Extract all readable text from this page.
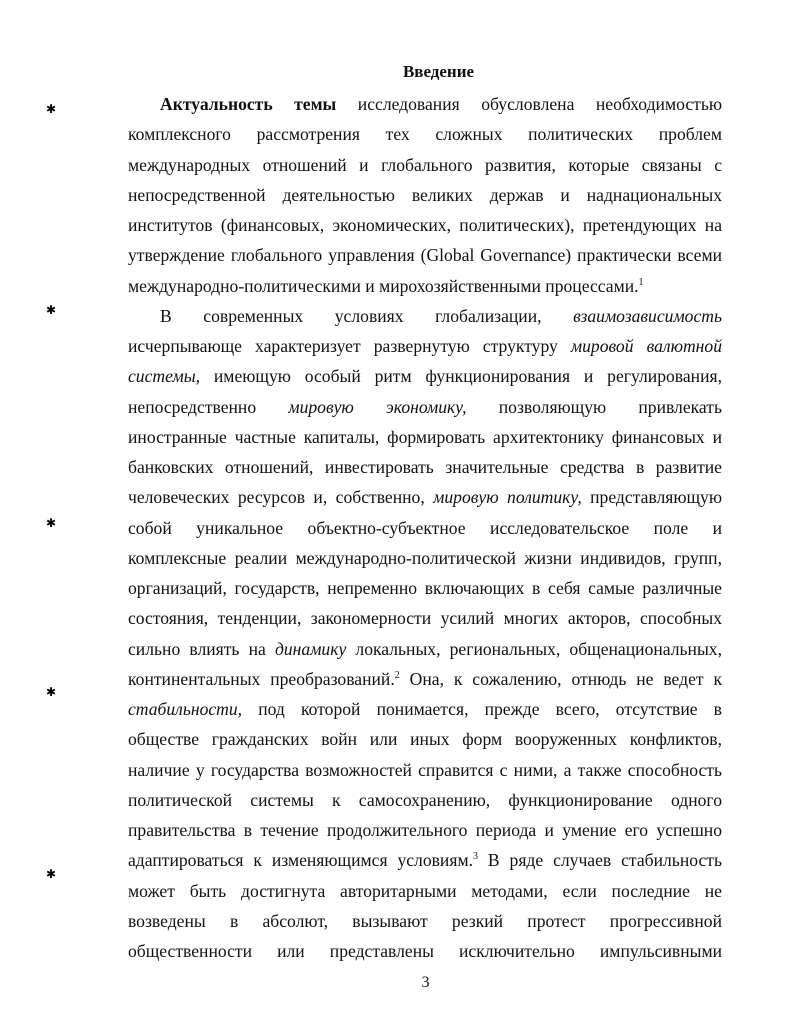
Введение
Актуальность темы исследования обусловлена необходимостью
комплексного рассмотрения тех сложных политических проблем
международных отношений и глобального развития, которые связаны с
непосредственной деятельностью великих держав и наднациональных
институтов (финансовых, экономических, политических), претендующих на
утверждение глобального управления (Global Governance) практически всеми
международно-политическими и мирохозяйственными процессами.$^1$
В современных условиях глобализации, взаимозависимость
исчерпывающе характеризует развернутую структуру мировой валютной
системы, имеющую особый ритм функционирования и регулирования,
непосредственно мировую экономику, позволяющую привлекать
иностранные частные капиталы, формировать архитектонику финансовых и
банковских отношений, инвестировать значительные средства в развитие
человеческих ресурсов и, собственно, мировую политику, представляющую
собой уникальное объектно-субъектное исследовательское поле и
комплексные реалии международно-политической жизни индивидов, групп,
организаций, государств, непременно включающих в себя самые различные
состояния, тенденции, закономерности усилий многих акторов, способных
сильно влиять на динамику локальных, региональных, общенациональных,
континентальных преобразований.$^2$ Она, к сожалению, отнюдь не ведет к
стабильности, под которой понимается, прежде всего, отсутствие в
обществе гражданских войн или иных форм вооруженных конфликтов,
наличие у государства возможностей справится с ними, а также способность
политической системы к самосохранению, функционирование одного
правительства в течение продолжительного периода и умение его успешно
адаптироваться к изменяющимся условиям.$^3$ В ряде случаев стабильность
может быть достигнута авторитарными методами, если последние не
возведены в абсолют, вызывают резкий протест прогрессивной
общественности или представлены исключительно импульсивными
✱
✱
✱
✱
✱
3
